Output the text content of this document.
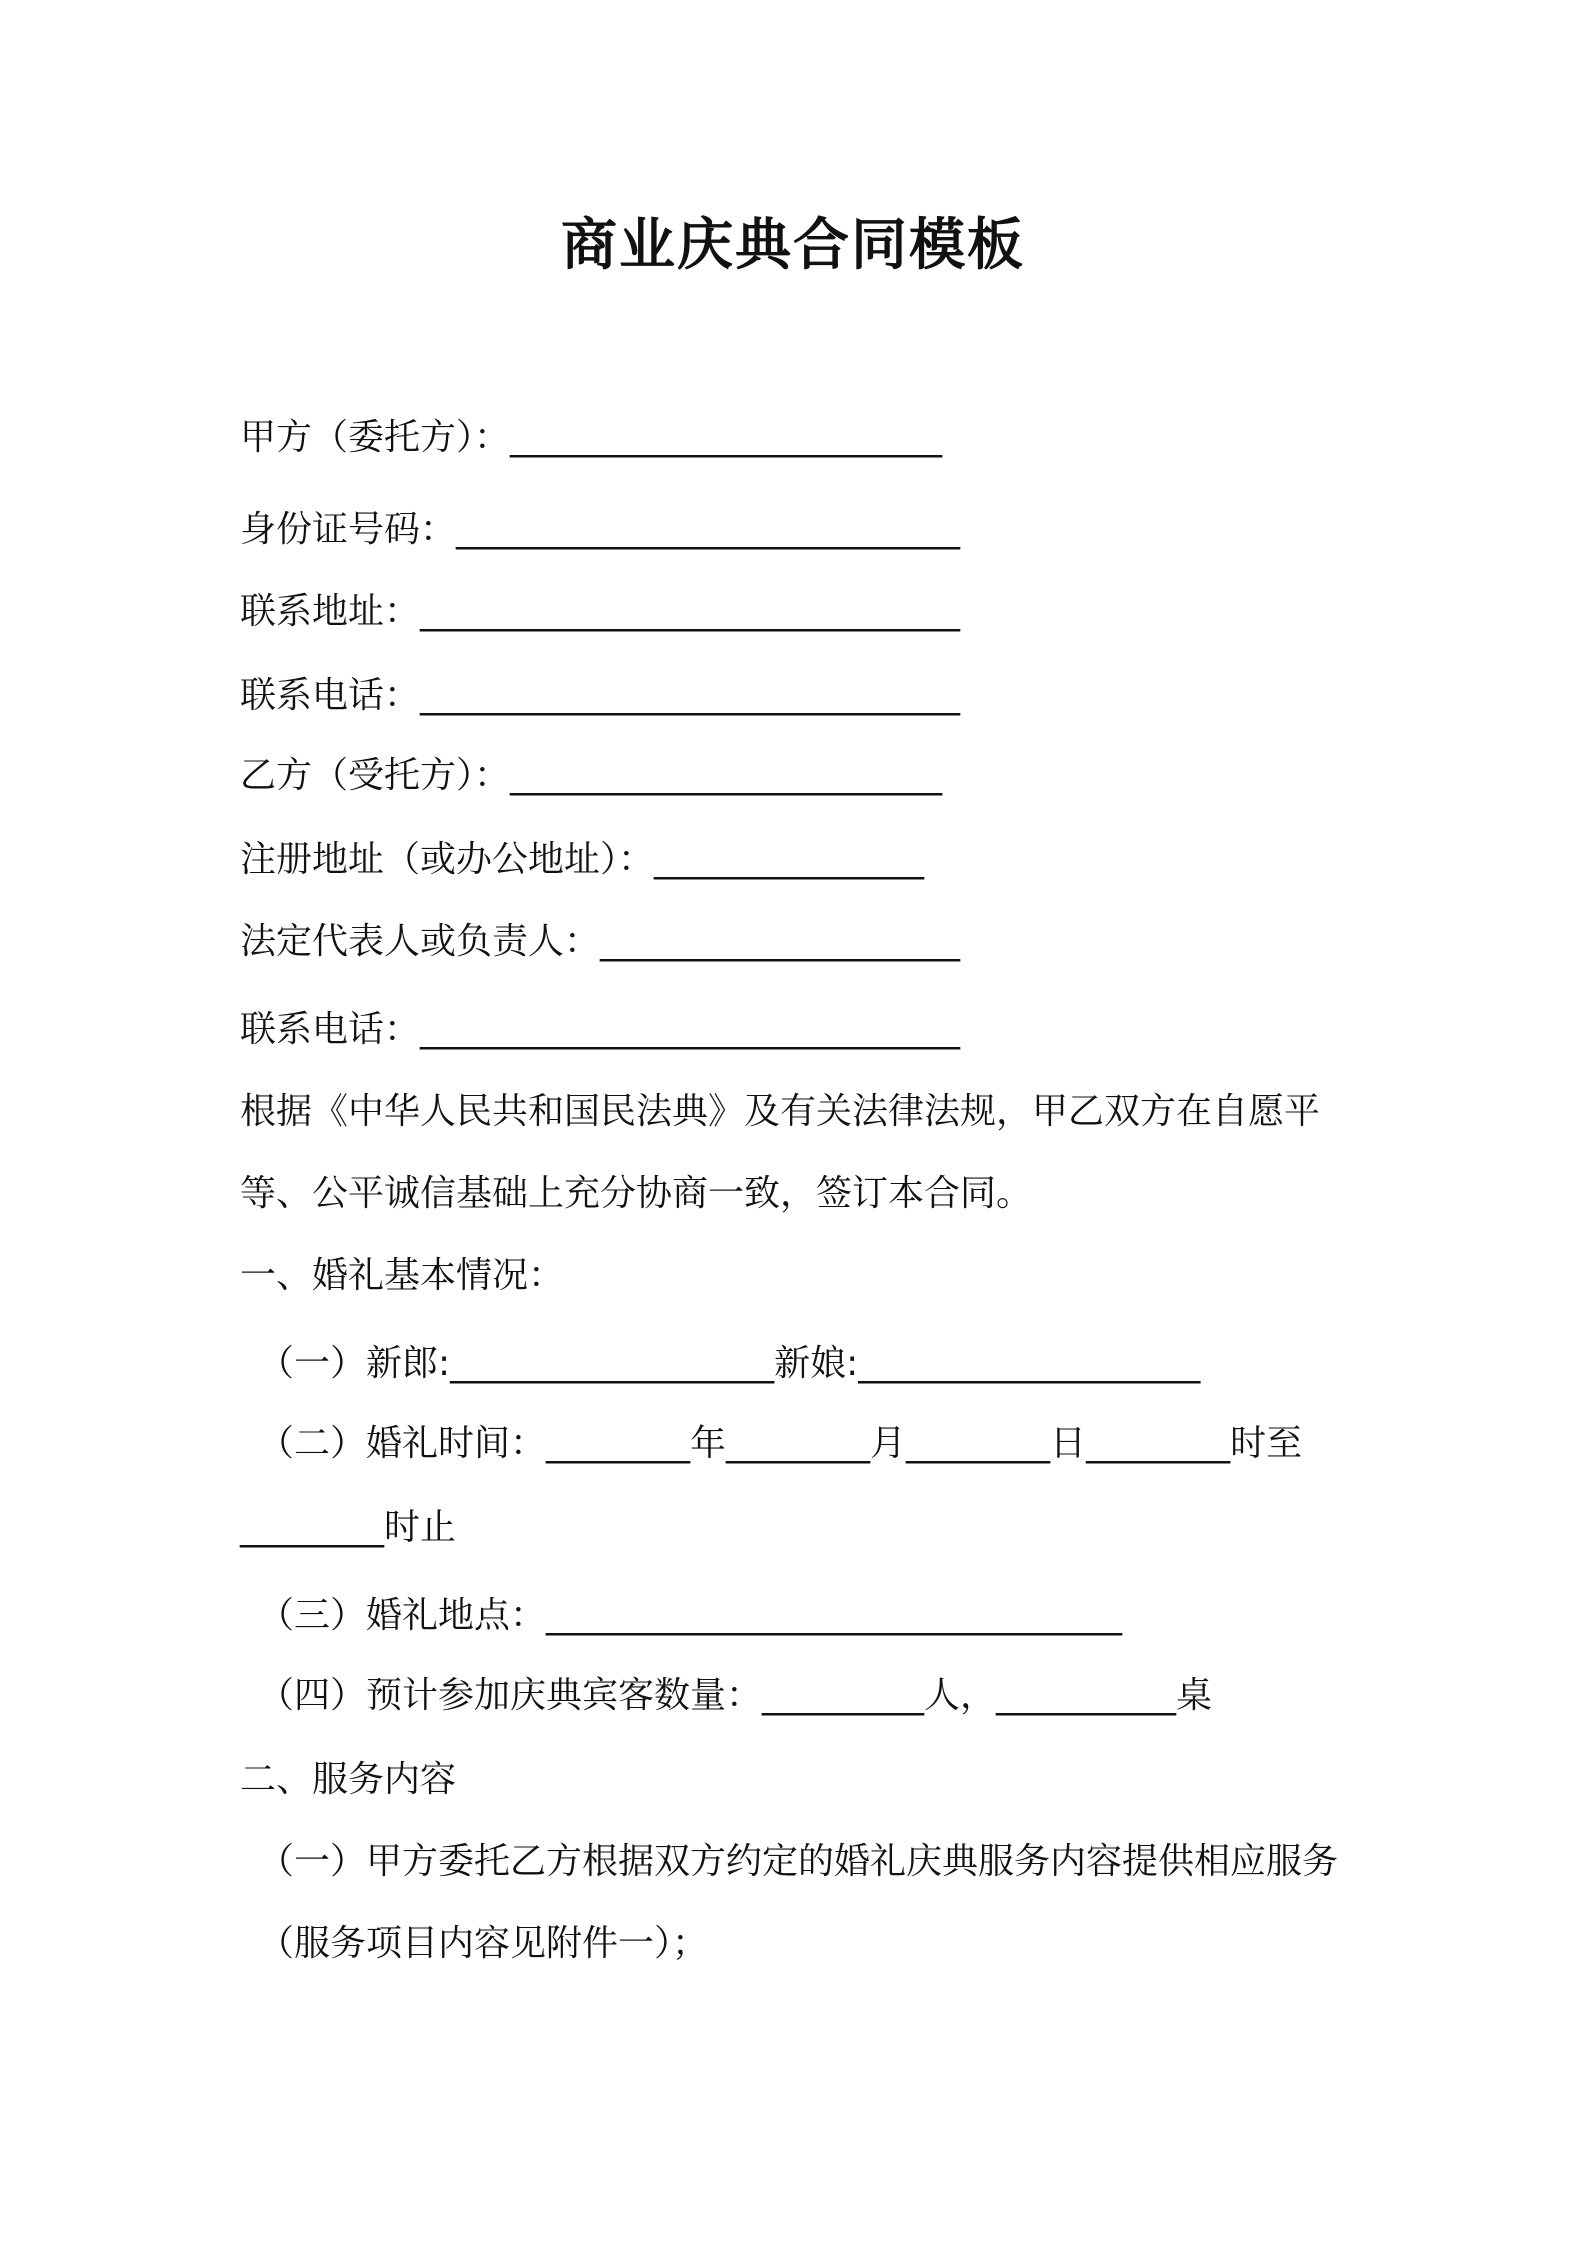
商业庆典合同模板
甲方（委托方）：________________________
身份证号码：____________________________
联系地址：______________________________
联系电话：______________________________
乙方（受托方）：________________________
注册地址（或办公地址）：_______________
法定代表人或负责人：____________________
联系电话：______________________________
根据《中华人民共和国民法典》及有关法律法规，甲乙双方在自愿平
等、公平诚信基础上充分协商一致，签订本合同。
一、婚礼基本情况：
（一）新郎:__________________新娘:___________________
（二）婚礼时间：________年________月________日________时至
________时止
（三）婚礼地点：________________________________
（四）预计参加庆典宾客数量：_________人，__________桌
二、服务内容
（一）甲方委托乙方根据双方约定的婚礼庆典服务内容提供相应服务
（服务项目内容见附件一）；
